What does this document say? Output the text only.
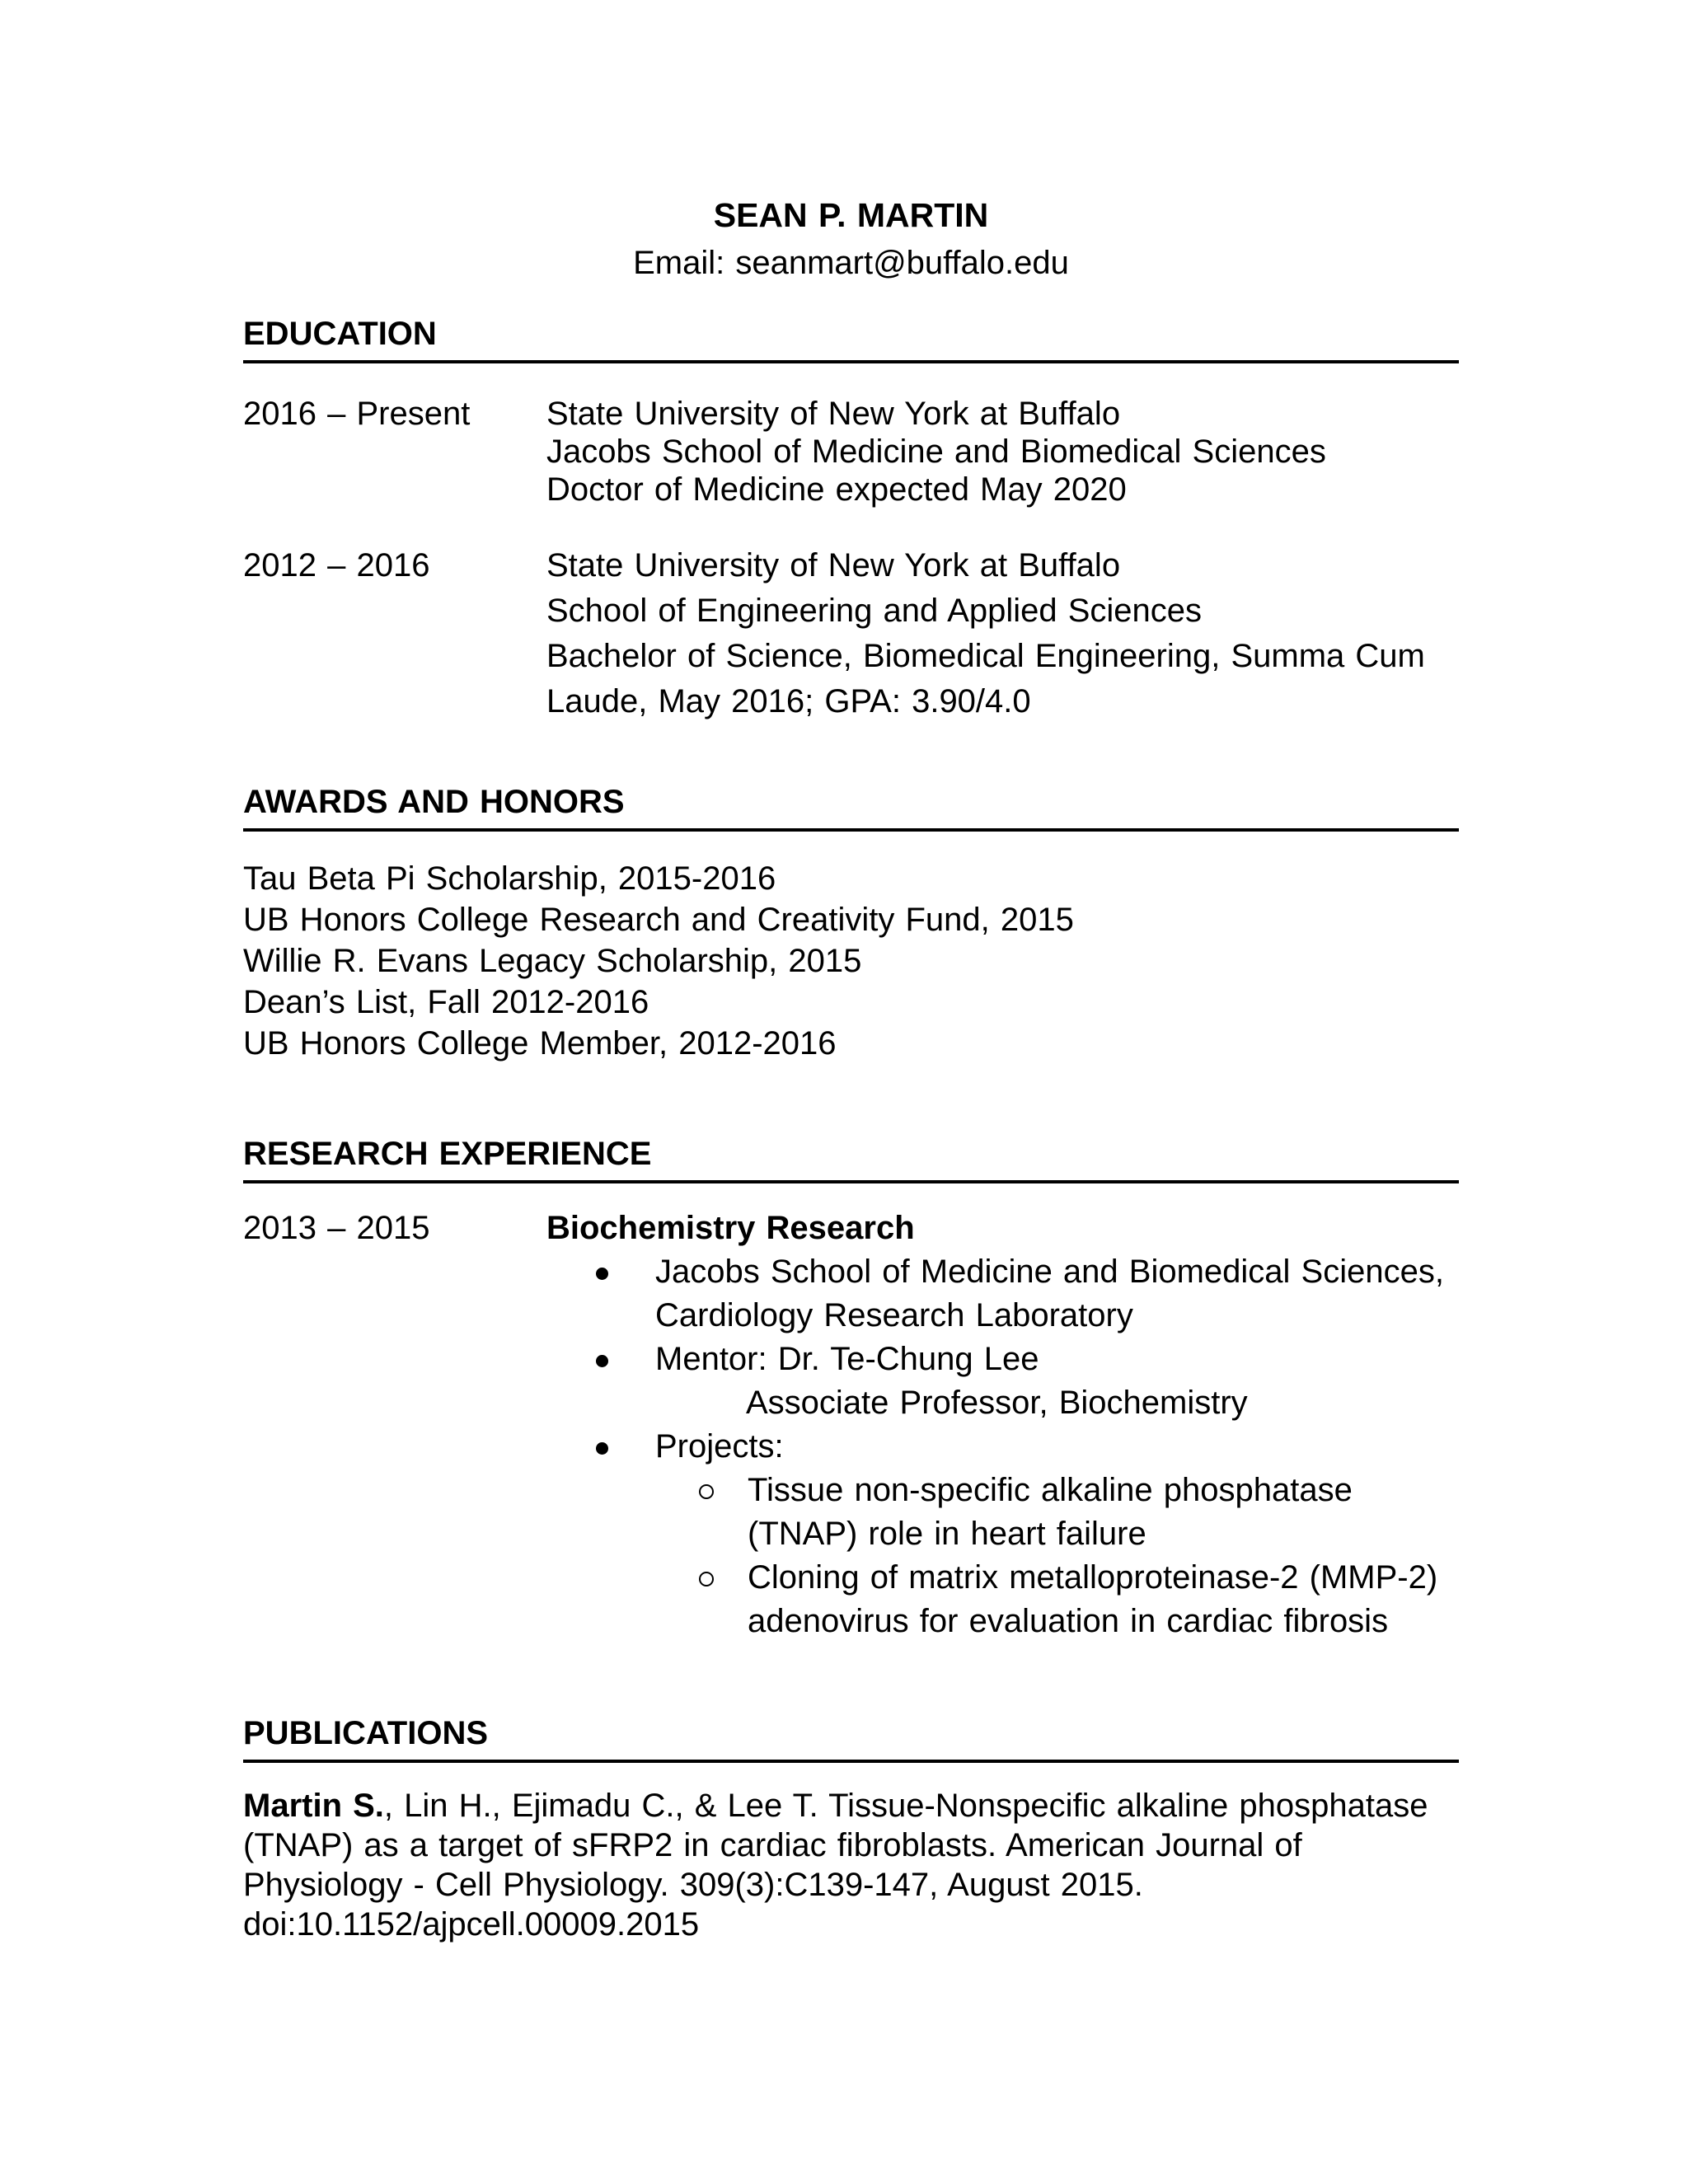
SEAN P. MARTIN
Email: seanmart@buffalo.edu
EDUCATION
2016 – Present	State University of New York at Buffalo
Jacobs School of Medicine and Biomedical Sciences
Doctor of Medicine expected May 2020
2012 – 2016	State University of New York at Buffalo
School of Engineering and Applied Sciences
Bachelor of Science, Biomedical Engineering, Summa Cum
Laude, May 2016; GPA: 3.90/4.0
AWARDS AND HONORS
Tau Beta Pi Scholarship, 2015-2016
UB Honors College Research and Creativity Fund, 2015
Willie R. Evans Legacy Scholarship, 2015
Dean’s List, Fall 2012-2016
UB Honors College Member, 2012-2016
RESEARCH EXPERIENCE
2013 – 2015	Biochemistry Research
Jacobs School of Medicine and Biomedical Sciences,
Cardiology Research Laboratory
Mentor: Dr. Te-Chung Lee
Associate Professor, Biochemistry
Projects:
Tissue non-specific alkaline phosphatase
(TNAP) role in heart failure
Cloning of matrix metalloproteinase-2 (MMP-2)
adenovirus for evaluation in cardiac fibrosis
PUBLICATIONS
Martin S., Lin H., Ejimadu C., & Lee T. Tissue-Nonspecific alkaline phosphatase
(TNAP) as a target of sFRP2 in cardiac fibroblasts. American Journal of
Physiology - Cell Physiology. 309(3):C139-147, August 2015.
doi:10.1152/ajpcell.00009.2015
